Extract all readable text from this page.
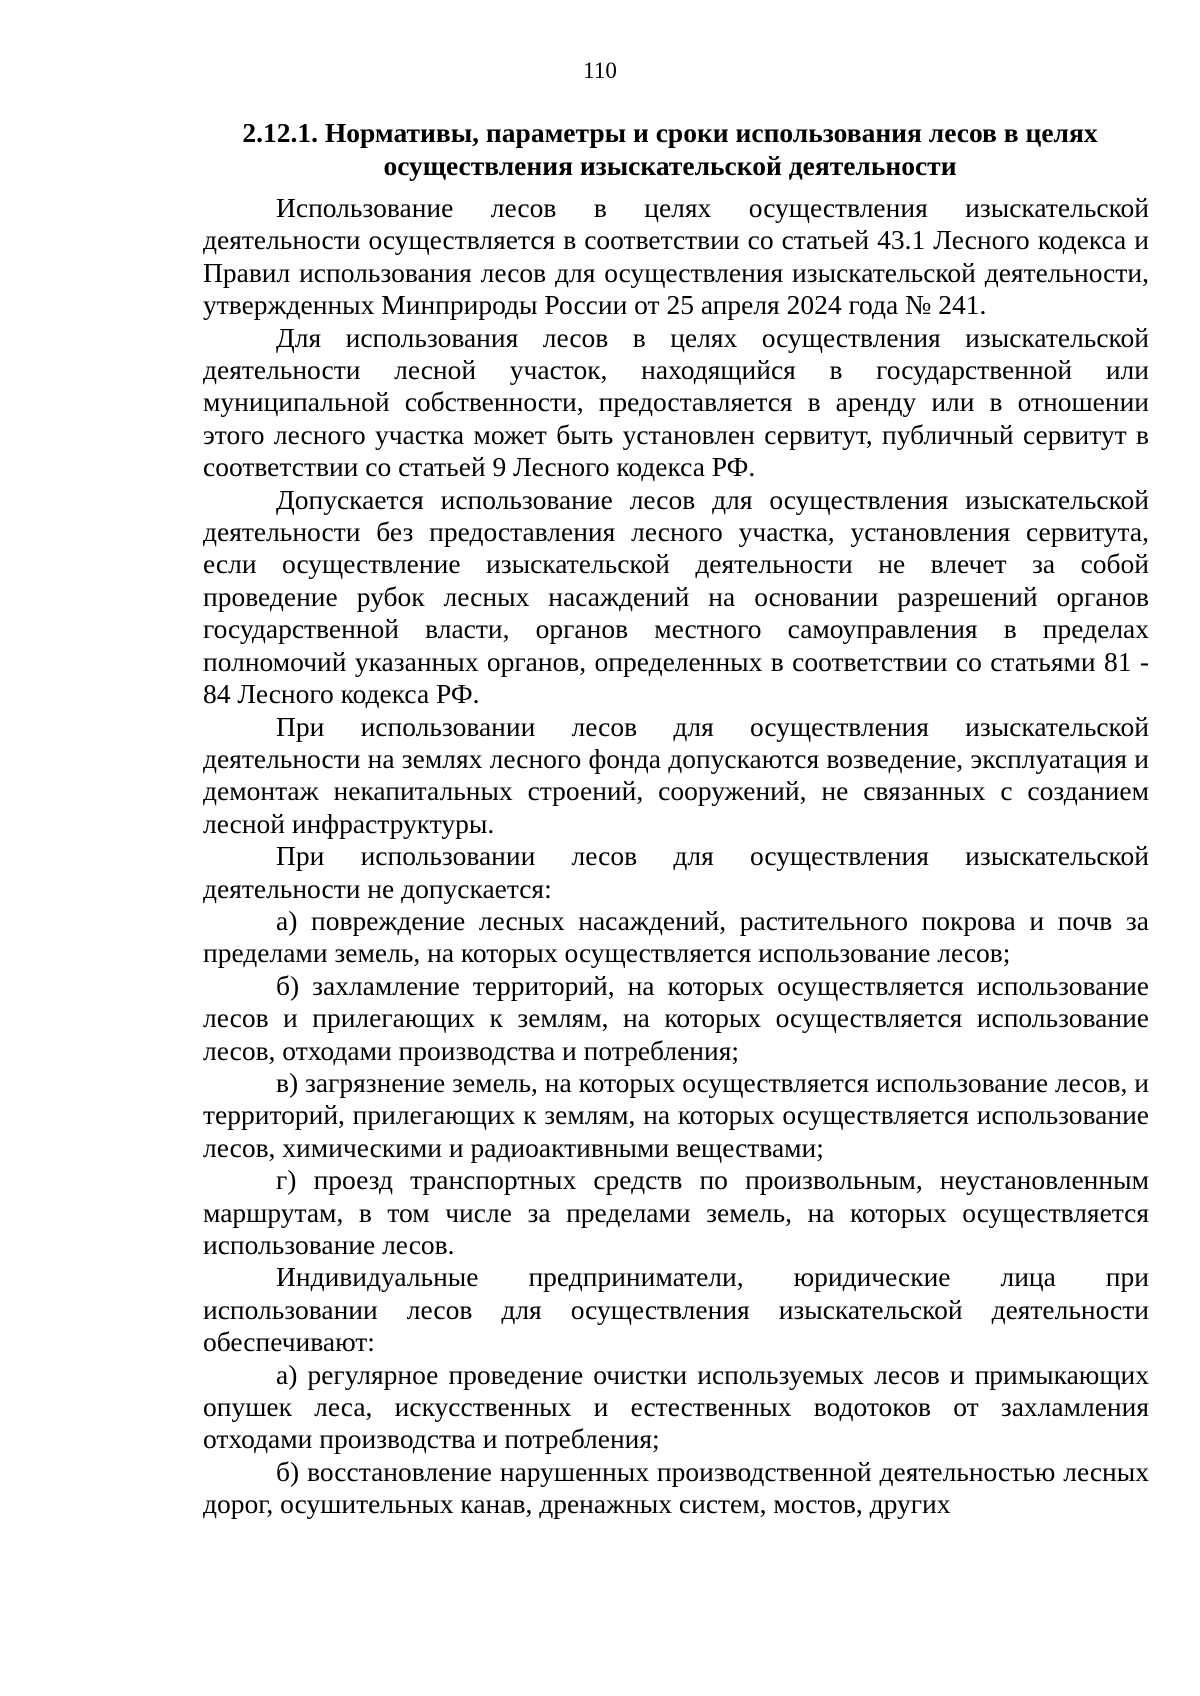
110
2.12.1. Нормативы, параметры и сроки использования лесов в целях осуществления изыскательской деятельности

Использование лесов в целях осуществления изыскательской деятельности осуществляется в соответствии со статьей 43.1 Лесного кодекса и Правил использования лесов для осуществления изыскательской деятельности, утвержденных Минприроды России от 25 апреля 2024 года № 241.

Для использования лесов в целях осуществления изыскательской деятельности лесной участок, находящийся в государственной или муниципальной собственности, предоставляется в аренду или в отношении этого лесного участка может быть установлен сервитут, публичный сервитут в соответствии со статьей 9 Лесного кодекса РФ.

Допускается использование лесов для осуществления изыскательской деятельности без предоставления лесного участка, установления сервитута, если осуществление изыскательской деятельности не влечет за собой проведение рубок лесных насаждений на основании разрешений органов государственной власти, органов местного самоуправления в пределах полномочий указанных органов, определенных в соответствии со статьями 81 - 84 Лесного кодекса РФ.

При использовании лесов для осуществления изыскательской деятельности на землях лесного фонда допускаются возведение, эксплуатация и демонтаж некапитальных строений, сооружений, не связанных с созданием лесной инфраструктуры.

При использовании лесов для осуществления изыскательской деятельности не допускается:

а) повреждение лесных насаждений, растительного покрова и почв за пределами земель, на которых осуществляется использование лесов;

б) захламление территорий, на которых осуществляется использование лесов и прилегающих к землям, на которых осуществляется использование лесов, отходами производства и потребления;

в) загрязнение земель, на которых осуществляется использование лесов, и территорий, прилегающих к землям, на которых осуществляется использование лесов, химическими и радиоактивными веществами;

г) проезд транспортных средств по произвольным, неустановленным маршрутам, в том числе за пределами земель, на которых осуществляется использование лесов.

Индивидуальные предприниматели, юридические лица при использовании лесов для осуществления изыскательской деятельности обеспечивают:

а) регулярное проведение очистки используемых лесов и примыкающих опушек леса, искусственных и естественных водотоков от захламления отходами производства и потребления;

б) восстановление нарушенных производственной деятельностью лесных дорог, осушительных канав, дренажных систем, мостов, других
